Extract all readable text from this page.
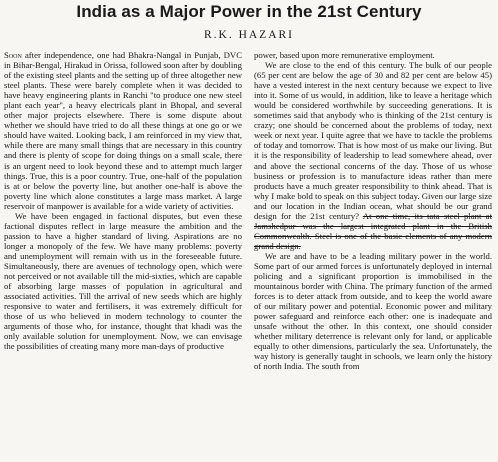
India as a Major Power in the 21st Century
R.K. HAZARI

Soon after independence, one had Bhakra-Nangal in Punjab, DVC in Bihar-Bengal, Hirakud in Orissa, followed soon after by doubling of the existing steel plants and the setting up of three altogether new steel plants. These were barely complete when it was decided to have heavy engineering plants in Ranchi "to produce one new steel plant each year", a heavy electricals plant in Bhopal, and several other major projects elsewhere. There is some dispute about whether we should have tried to do all these things at one go or we should have waited. Looking back, I am reinforced in my view that, while there are many small things that are necessary in this country and there is plenty of scope for doing things on a small scale, there is an urgent need to look beyond these and to attempt much larger things. True, this is a poor country. True, one-half of the population is at or below the poverty line, but another one-half is above the poverty line which alone constitutes a large mass market. A large reservoir of manpower is available for a wide variety of activities.

We have been engaged in factional disputes, but even these factional disputes reflect in large measure the ambition and the passion to have a higher standard of living. Aspirations are no longer a monopoly of the few. We have many problems: poverty and unemployment will remain with us in the foreseeable future. Simultaneously, there are avenues of technology open, which were not perceived or not available till the mid-sixties, which are capable of absorbing large masses of population in agricultural and associated activities. Till the arrival of new seeds which are highly responsive to water and fertilisers, it was extremely difficult for those of us who believed in modern technology to counter the arguments of those who, for instance, thought that khadi was the only available solution for unemployment. Now, we can envisage the possibilities of creating many more man-days of productive

power, based upon more remunerative employment.

We are close to the end of this century. The bulk of our people (65 per cent are below the age of 30 and 82 per cent are below 45) have a vested interest in the next century because we expect to live into it. Some of us would, in addition, like to leave a heritage which would be considered worthwhile by succeeding generations. It is sometimes said that anybody who is thinking of the 21st century is crazy; one should be concerned about the problems of today, next week or next year. I quite agree that we have to tackle the problems of today and tomorrow. That is how most of us make our living. But it is the responsibility of leadership to lead somewhere ahead, over and above the sectional concerns of the day. Those of us whose business or profession is to manufacture ideas rather than mere products have a much greater responsibility to think ahead. That is why I make bold to speak on this subject today. Given our large size and our location in the Indian ocean, what should be our grand design for the 21st century? At one time, its tata steel plant at Jamshedpur was the largest integrated plant in the British Commonwealth. Steel is one of the basic elements of any modern grand design.

We are and have to be a leading military power in the world. Some part of our armed forces is unfortunately deployed in internal policing and a significant proportion is immobilised in the mountainous border with China. The primary function of the armed forces is to deter attack from outside, and to keep the world aware of our military power and potential. Economic power and military power safeguard and reinforce each other: one is inadequate and unsafe without the other. In this context, one should consider whether military deterrence is relevant only for land, or applicable equally to other dimensions, particularly the sea. Unfortunately, the way history is generally taught in schools, we learn only the history of north India. The south from
